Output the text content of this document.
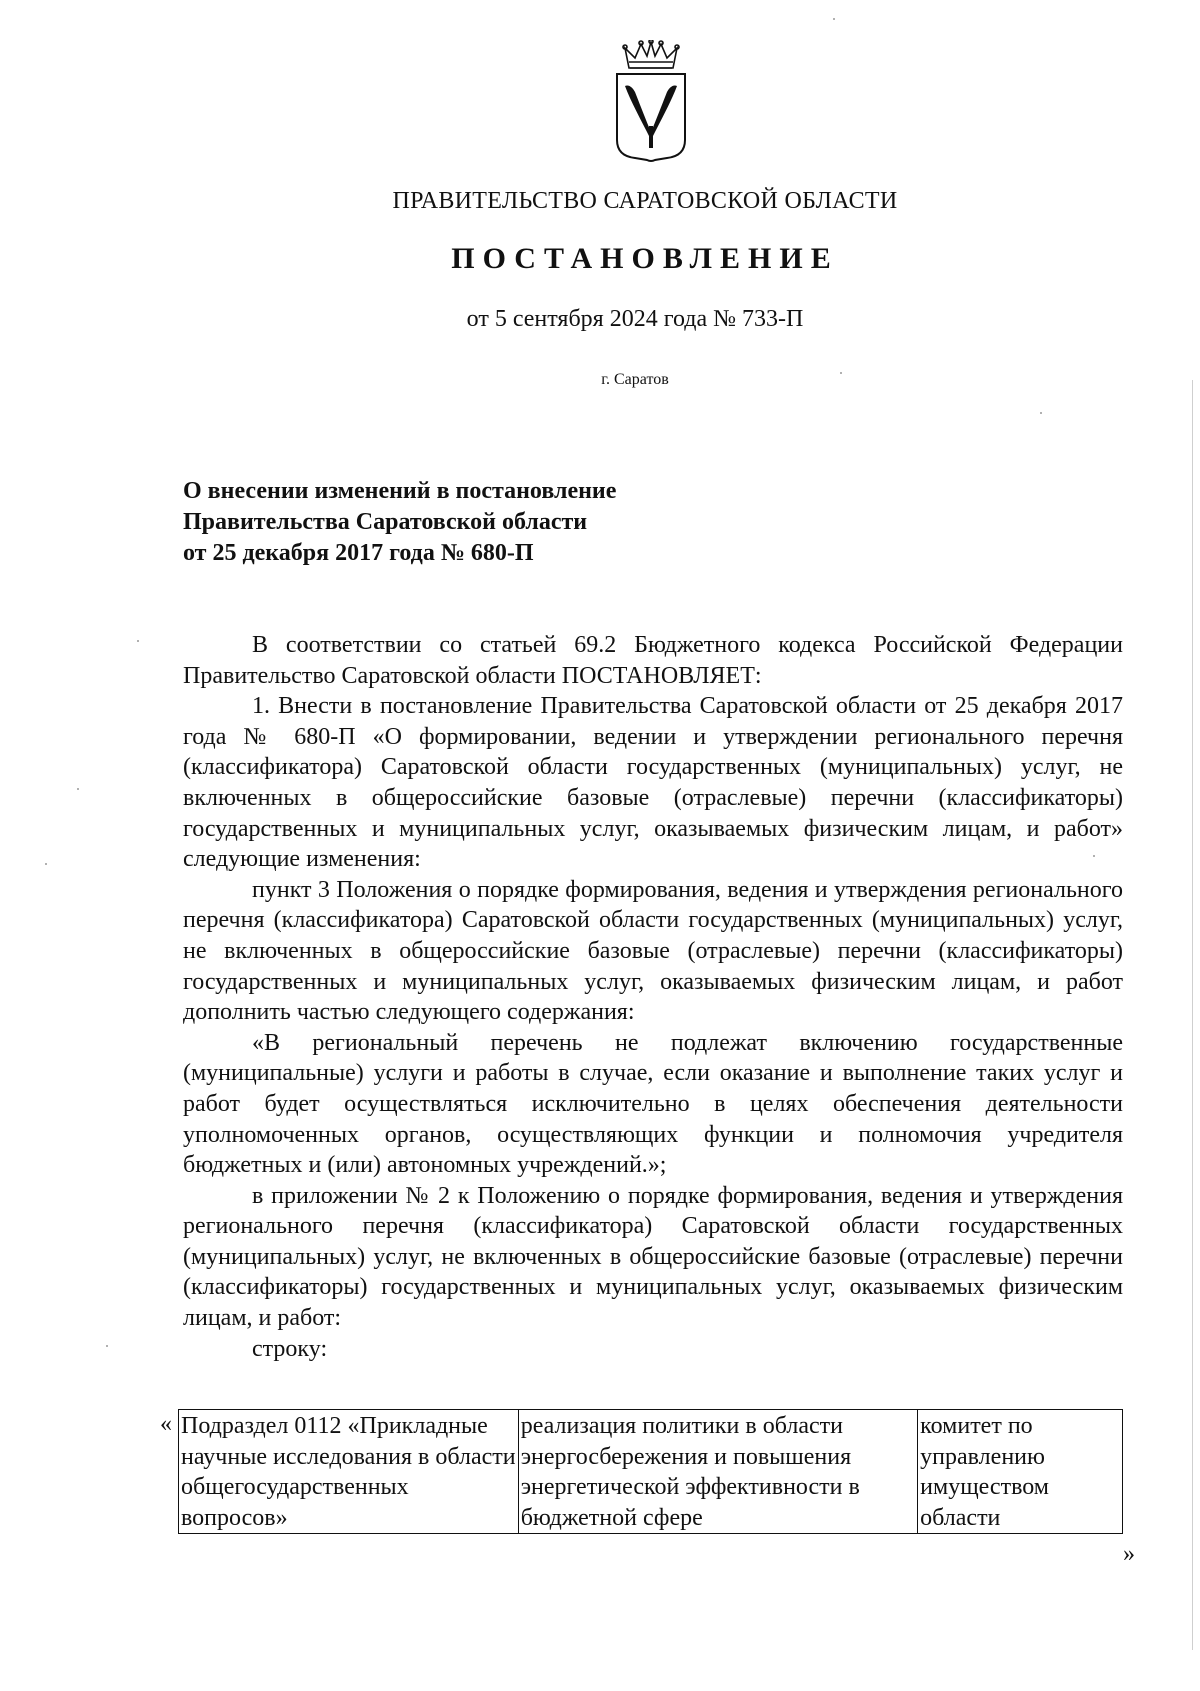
ПРАВИТЕЛЬСТВО САРАТОВСКОЙ ОБЛАСТИ
ПОСТАНОВЛЕНИЕ
от 5 сентября 2024 года № 733-П
г. Саратов
О внесении изменений в постановление
Правительства Саратовской области
от 25 декабря 2017 года № 680-П

В соответствии со статьей 69.2 Бюджетного кодекса Российской Федерации Правительство Саратовской области ПОСТАНОВЛЯЕТ:

1. Внести в постановление Правительства Саратовской области от 25 декабря 2017 года № 680-П «О формировании, ведении и утверждении регионального перечня (классификатора) Саратовской области государственных (муниципальных) услуг, не включенных в общероссийские базовые (отраслевые) перечни (классификаторы) государственных и муниципальных услуг, оказываемых физическим лицам, и работ» следующие изменения:

пункт 3 Положения о порядке формирования, ведения и утверждения регионального перечня (классификатора) Саратовской области государственных (муниципальных) услуг, не включенных в общероссийские базовые (отраслевые) перечни (классификаторы) государственных и муниципальных услуг, оказываемых физическим лицам, и работ дополнить частью следующего содержания:

«В региональный перечень не подлежат включению государственные (муниципальные) услуги и работы в случае, если оказание и выполнение таких услуг и работ будет осуществляться исключительно в целях обеспечения деятельности уполномоченных органов, осуществляющих функции и полномочия учредителя бюджетных и (или) автономных учреждений.»;

в приложении № 2 к Положению о порядке формирования, ведения и утверждения регионального перечня (классификатора) Саратовской области государственных (муниципальных) услуг, не включенных в общероссийские базовые (отраслевые) перечни (классификаторы) государственных и муниципальных услуг, оказываемых физическим лицам, и работ:

строку:

« Подраздел 0112 «Прикладные научные исследования в области общегосударственных вопросов»	реализация политики в области энергосбережения и повышения энергетической эффективности в бюджетной сфере	комитет по управлению имуществом области
»
